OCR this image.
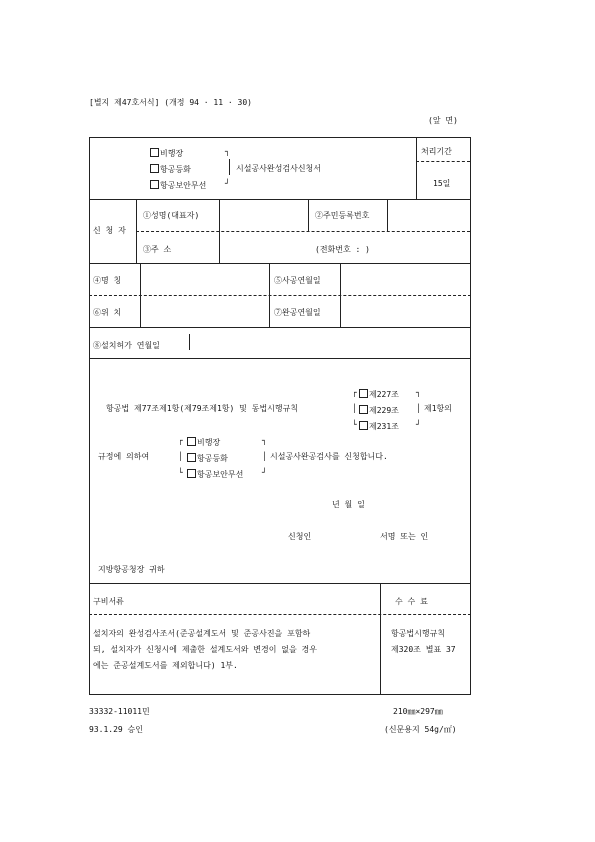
[별지 제47호서식] (개정 94 · 11 · 30)
(앞 면)
비행장
항공등화
항공보안무선
┐
┘
시설공사완성검사신청서
처리기간
15일
신 청 자
①성명(대표자)	②주민등록번호
③주 소	(전화번호 : )
④명 칭	⑤사공연월일
⑥위 치	⑦완공연월일
⑧설치허가 연월일
┌	제227조 ┐
항공법 제77조제1항(제79조제1항) 및 동법시행규칙	│	제229조 │ 제1항의
└	제231조 ┘
┌	비행장	┐
규정에 의하여	│	항공등화	│ 시설공사완공검사를 신청합니다.
└	항공보안무선 ┘
년 월 일
신청인	서명 또는 인
지방항공청장 귀하
구비서류	수 수 료
설치자의 완성검사조서(준공설계도서 및 준공사진을 포함하
되, 설치자가 신청시에 제출한 설계도서와 변경이 없을 경우
에는 준공설계도서를 제외합니다) 1부.
항공법시행규칙
제320조 별표 37
33332-11011민	210㎜×297㎜
93.1.29 승인	(신문용지 54g/㎡)
